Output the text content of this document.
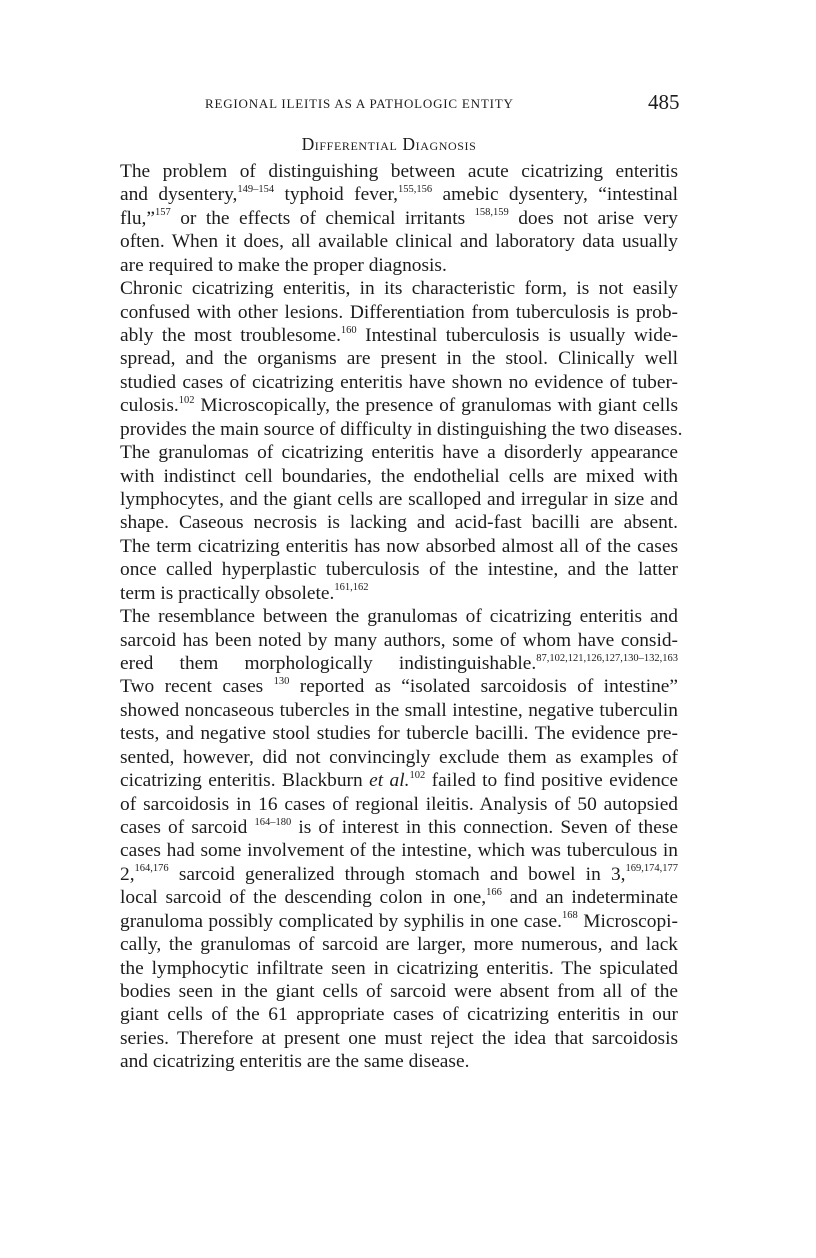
REGIONAL ILEITIS AS A PATHOLOGIC ENTITY	485
Differential Diagnosis
The problem of distinguishing between acute cicatrizing enteritis
and dysentery,$^{149-154}$ typhoid fever,$^{155,156}$ amebic dysentery, “intestinal
flu,”$^{157}$ or the effects of chemical irritants $^{158,159}$ does not arise very
often. When it does, all available clinical and laboratory data usually
are required to make the proper diagnosis.
Chronic cicatrizing enteritis, in its characteristic form, is not easily
confused with other lesions. Differentiation from tuberculosis is prob-
ably the most troublesome.$^{160}$ Intestinal tuberculosis is usually wide-
spread, and the organisms are present in the stool. Clinically well
studied cases of cicatrizing enteritis have shown no evidence of tuber-
culosis.$^{102}$ Microscopically, the presence of granulomas with giant cells
provides the main source of difficulty in distinguishing the two diseases.
The granulomas of cicatrizing enteritis have a disorderly appearance
with indistinct cell boundaries, the endothelial cells are mixed with
lymphocytes, and the giant cells are scalloped and irregular in size and
shape. Caseous necrosis is lacking and acid-fast bacilli are absent.
The term cicatrizing enteritis has now absorbed almost all of the cases
once called hyperplastic tuberculosis of the intestine, and the latter
term is practically obsolete.$^{161,162}$
The resemblance between the granulomas of cicatrizing enteritis and
sarcoid has been noted by many authors, some of whom have consid-
ered them morphologically indistinguishable.$^{87,102,121,126,127,130-132,163}$
Two recent cases $^{130}$ reported as “isolated sarcoidosis of intestine”
showed noncaseous tubercles in the small intestine, negative tuberculin
tests, and negative stool studies for tubercle bacilli. The evidence pre-
sented, however, did not convincingly exclude them as examples of
cicatrizing enteritis. Blackburn et al.$^{102}$ failed to find positive evidence
of sarcoidosis in 16 cases of regional ileitis. Analysis of 50 autopsied
cases of sarcoid $^{164-180}$ is of interest in this connection. Seven of these
cases had some involvement of the intestine, which was tuberculous in
2,$^{164,176}$ sarcoid generalized through stomach and bowel in 3,$^{169,174,177}$
local sarcoid of the descending colon in one,$^{166}$ and an indeterminate
granuloma possibly complicated by syphilis in one case.$^{168}$ Microscopi-
cally, the granulomas of sarcoid are larger, more numerous, and lack
the lymphocytic infiltrate seen in cicatrizing enteritis. The spiculated
bodies seen in the giant cells of sarcoid were absent from all of the
giant cells of the 61 appropriate cases of cicatrizing enteritis in our
series. Therefore at present one must reject the idea that sarcoidosis
and cicatrizing enteritis are the same disease.
